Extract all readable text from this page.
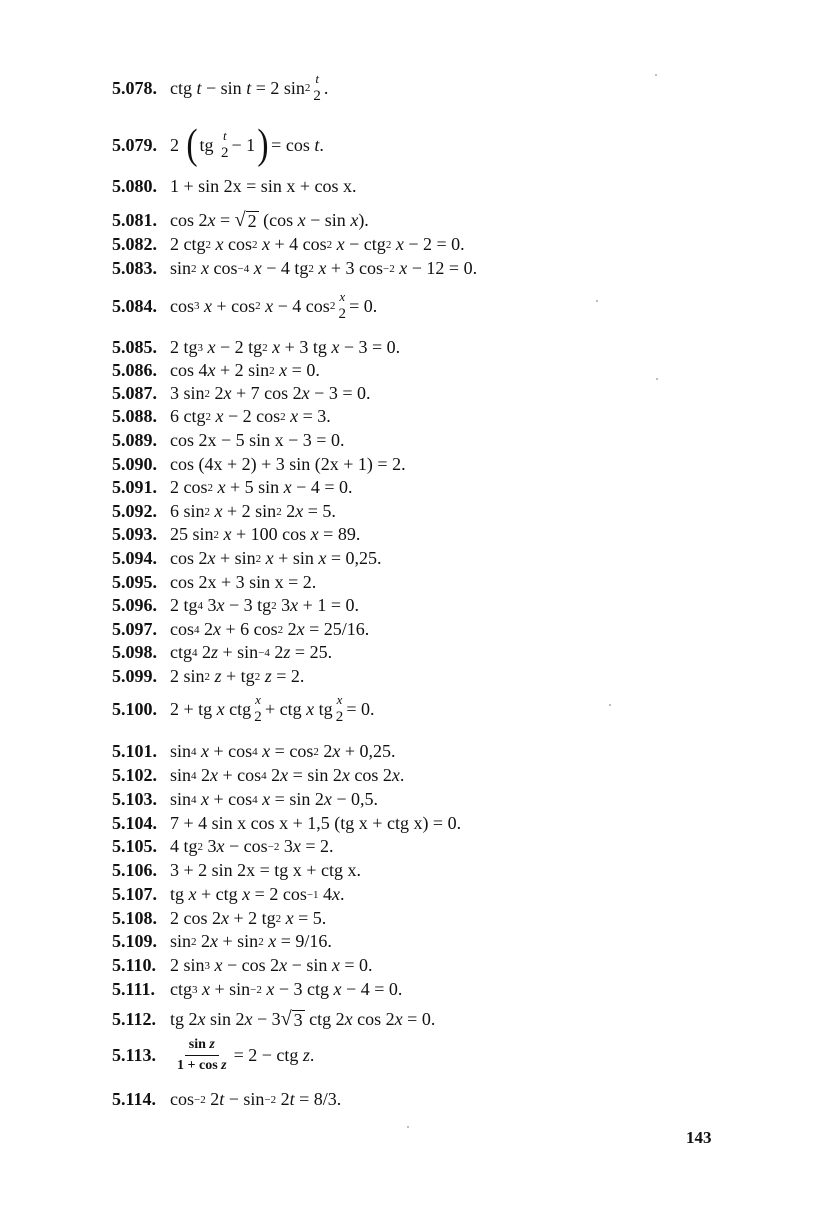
5.078. ctg t − sin t = 2 sin 2
t
2 .
5.079. 2 ( tg t
2 − 1 ) = cos t .
5.080. 1 + sin 2x = sin x + cos x.
5.081. cos 2 x = √ 2 (cos x − sin x ).
5.082. 2 ctg 2
x cos 2
x + 4 cos 2
x − ctg 2
x − 2 = 0.
5.083. sin 2
x cos −4
x − 4 tg 2
x + 3 cos −2
x − 12 = 0.
5.084. cos 3
x + cos 2
x − 4 cos 2
x
2 = 0.
5.085. 2 tg 3
x − 2 tg 2
x + 3 tg x − 3 = 0.
5.086. cos 4 x + 2 sin 2
x = 0.
5.087. 3 sin 2 2 x + 7 cos 2 x − 3 = 0.
5.088. 6 ctg 2
x − 2 cos 2
x = 3.
5.089. cos 2x − 5 sin x − 3 = 0.
5.090. cos (4x + 2) + 3 sin (2x + 1) = 2.
5.091. 2 cos 2
x + 5 sin x − 4 = 0.
5.092. 6 sin 2
x + 2 sin 2 2 x = 5.
5.093. 25 sin 2
x + 100 cos x = 89.
5.094. cos 2 x + sin 2
x + sin x = 0,25.
5.095. cos 2x + 3 sin x = 2.
5.096. 2 tg 4 3 x − 3 tg 2 3 x + 1 = 0.
5.097. cos 4 2 x + 6 cos 2 2 x = 25/16.
5.098. ctg 4 2 z + sin −4 2 z = 25.
5.099. 2 sin 2
z + tg 2
z = 2.
5.100. 2 + tg x ctg x
2 + ctg x tg x
2 = 0.
5.101. sin 4
x + cos 4
x = cos 2 2 x + 0,25.
5.102. sin 4 2 x + cos 4 2 x = sin 2 x cos 2 x .
5.103. sin 4
x + cos 4
x = sin 2 x − 0,5.
5.104. 7 + 4 sin x cos x + 1,5 (tg x + ctg x) = 0.
5.105. 4 tg 2 3 x − cos −2 3 x = 2.
5.106. 3 + 2 sin 2x = tg x + ctg x.
5.107. tg x + ctg x = 2 cos −1 4 x .
5.108. 2 cos 2 x + 2 tg 2
x = 5.
5.109. sin 2 2 x + sin 2
x = 9/16.
5.110. 2 sin 3
x − cos 2 x − sin x = 0.
5.111. ctg 3
x + sin −2
x − 3 ctg x − 4 = 0.
5.112. tg 2 x sin 2 x − 3 √ 3 ctg 2 x cos 2 x = 0.
5.113.	$\frac{\text{sin z}}{\text{1 + cos z}} = 2$ − ctg z .
5.114. cos −2 2 t − sin −2 2 t = 8/3.
143
